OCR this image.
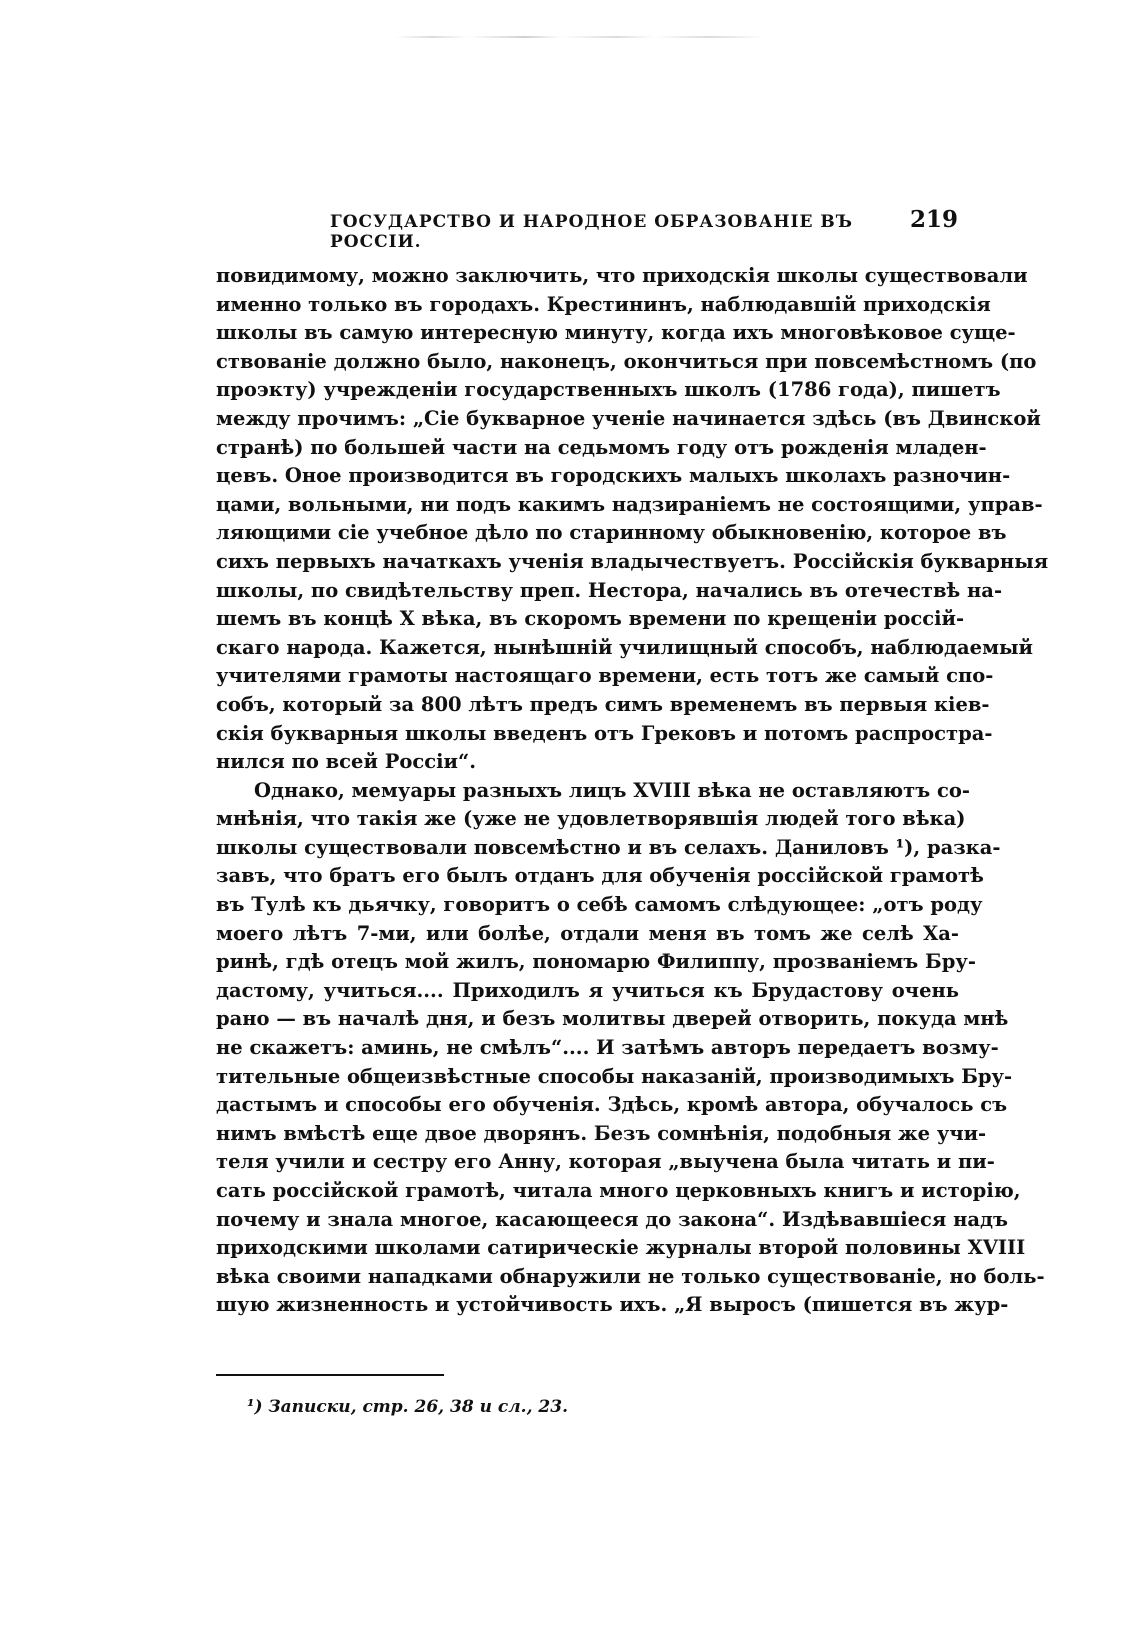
ГОСУДАРСТВО И НАРОДНОЕ ОБРАЗОВАНІЕ ВЪ РОССІИ.
219
повидимому, можно заключить, что приходскія школы существовали
именно только въ городахъ. Крестининъ, наблюдавшій приходскія
школы въ самую интересную минуту, когда ихъ многовѣковое суще-
ствованіе должно было, наконецъ, окончиться при повсемѣстномъ (по
проэкту) учрежденіи государственныхъ школъ (1786 года), пишетъ
между прочимъ: „Сіе букварное ученіе начинается здѣсь (въ Двинской
странѣ) по большей части на седьмомъ году отъ рожденія младен-
цевъ. Оное производится въ городскихъ малыхъ школахъ разночин-
цами, вольными, ни подъ какимъ надзираніемъ не состоящими, управ-
ляющими сіе учебное дѣло по старинному обыкновенію, которое въ
сихъ первыхъ начаткахъ ученія владычествуетъ. Россійскія букварныя
школы, по свидѣтельству преп. Нестора, начались въ отечествѣ на-
шемъ въ концѣ X вѣка, въ скоромъ времени по крещеніи россій-
скаго народа. Кажется, нынѣшній училищный способъ, наблюдаемый
учителями грамоты настоящаго времени, есть тотъ же самый спо-
собъ, который за 800 лѣтъ предъ симъ временемъ въ первыя кіев-
скія букварныя школы введенъ отъ Грековъ и потомъ распростра-
нился по всей Россіи“.
Однако, мемуары разныхъ лицъ XVIII вѣка не оставляютъ со-
мнѣнія, что такія же (уже не удовлетворявшія людей того вѣка)
школы существовали повсемѣстно и въ селахъ. Даниловъ ¹), разка-
завъ, что братъ его былъ отданъ для обученія россійской грамотѣ
въ Тулѣ къ дьячку, говоритъ о себѣ самомъ слѣдующее: „отъ роду
моего лѣтъ 7-ми, или болѣе, отдали меня въ томъ же селѣ Ха-
ринѣ, гдѣ отецъ мой жилъ, пономарю Филиппу, прозваніемъ Бру-
дастому, учиться.... Приходилъ я учиться къ Брудастову очень
рано — въ началѣ дня, и безъ молитвы дверей отворить, покуда мнѣ
не скажетъ: аминь, не смѣлъ“.... И затѣмъ авторъ передаетъ возму-
тительные общеизвѣстные способы наказаній, производимыхъ Бру-
дастымъ и способы его обученія. Здѣсь, кромѣ автора, обучалось съ
нимъ вмѣстѣ еще двое дворянъ. Безъ сомнѣнія, подобныя же учи-
теля учили и сестру его Анну, которая „выучена была читать и пи-
сать россійской грамотѣ, читала много церковныхъ книгъ и исторію,
почему и знала многое, касающееся до закона“. Издѣвавшіеся надъ
приходскими школами сатирическіе журналы второй половины XVIII
вѣка своими нападками обнаружили не только существованіе, но боль-
шую жизненность и устойчивость ихъ. „Я выросъ (пишется въ жур-
¹) Записки, стр. 26, 38 и сл., 23.
